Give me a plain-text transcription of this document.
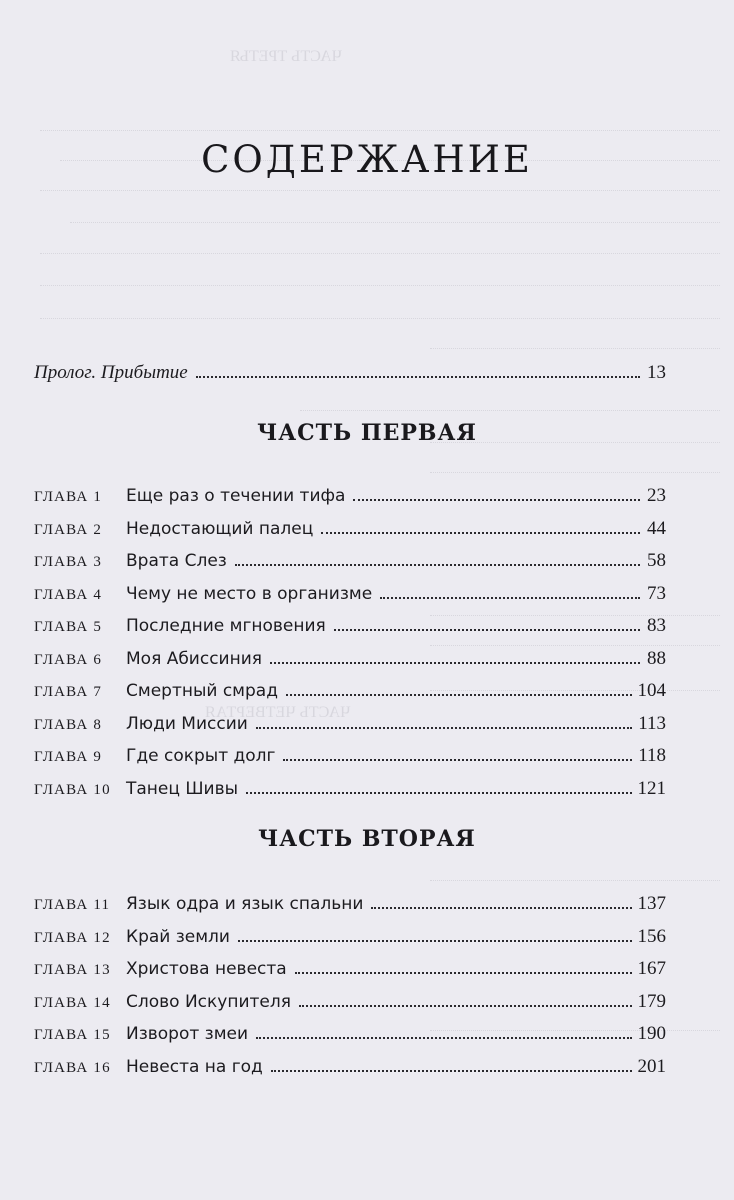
ЧАСТЬ ТРЕТЬЯ
ЧАСТЬ ЧЕТВЕРТАЯ
СОДЕРЖАНИЕ
Пролог. Прибытие	13
ЧАСТЬ ПЕРВАЯ
ГЛАВА 1	Еще раз о течении тифа	23
ГЛАВА 2	Недостающий палец	44
ГЛАВА 3	Врата Слез	58
ГЛАВА 4	Чему не место в организме	73
ГЛАВА 5	Последние мгновения	83
ГЛАВА 6	Моя Абиссиния	88
ГЛАВА 7	Смертный смрад	104
ГЛАВА 8	Люди Миссии	113
ГЛАВА 9	Где сокрыт долг	118
ГЛАВА 10 Танец Шивы	121
ЧАСТЬ ВТОРАЯ
ГЛАВА 11 Язык одра и язык спальни	137
ГЛАВА 12 Край земли	156
ГЛАВА 13 Христова невеста	167
ГЛАВА 14 Слово Искупителя	179
ГЛАВА 15 Изворот змеи	190
ГЛАВА 16 Невеста на год	201
